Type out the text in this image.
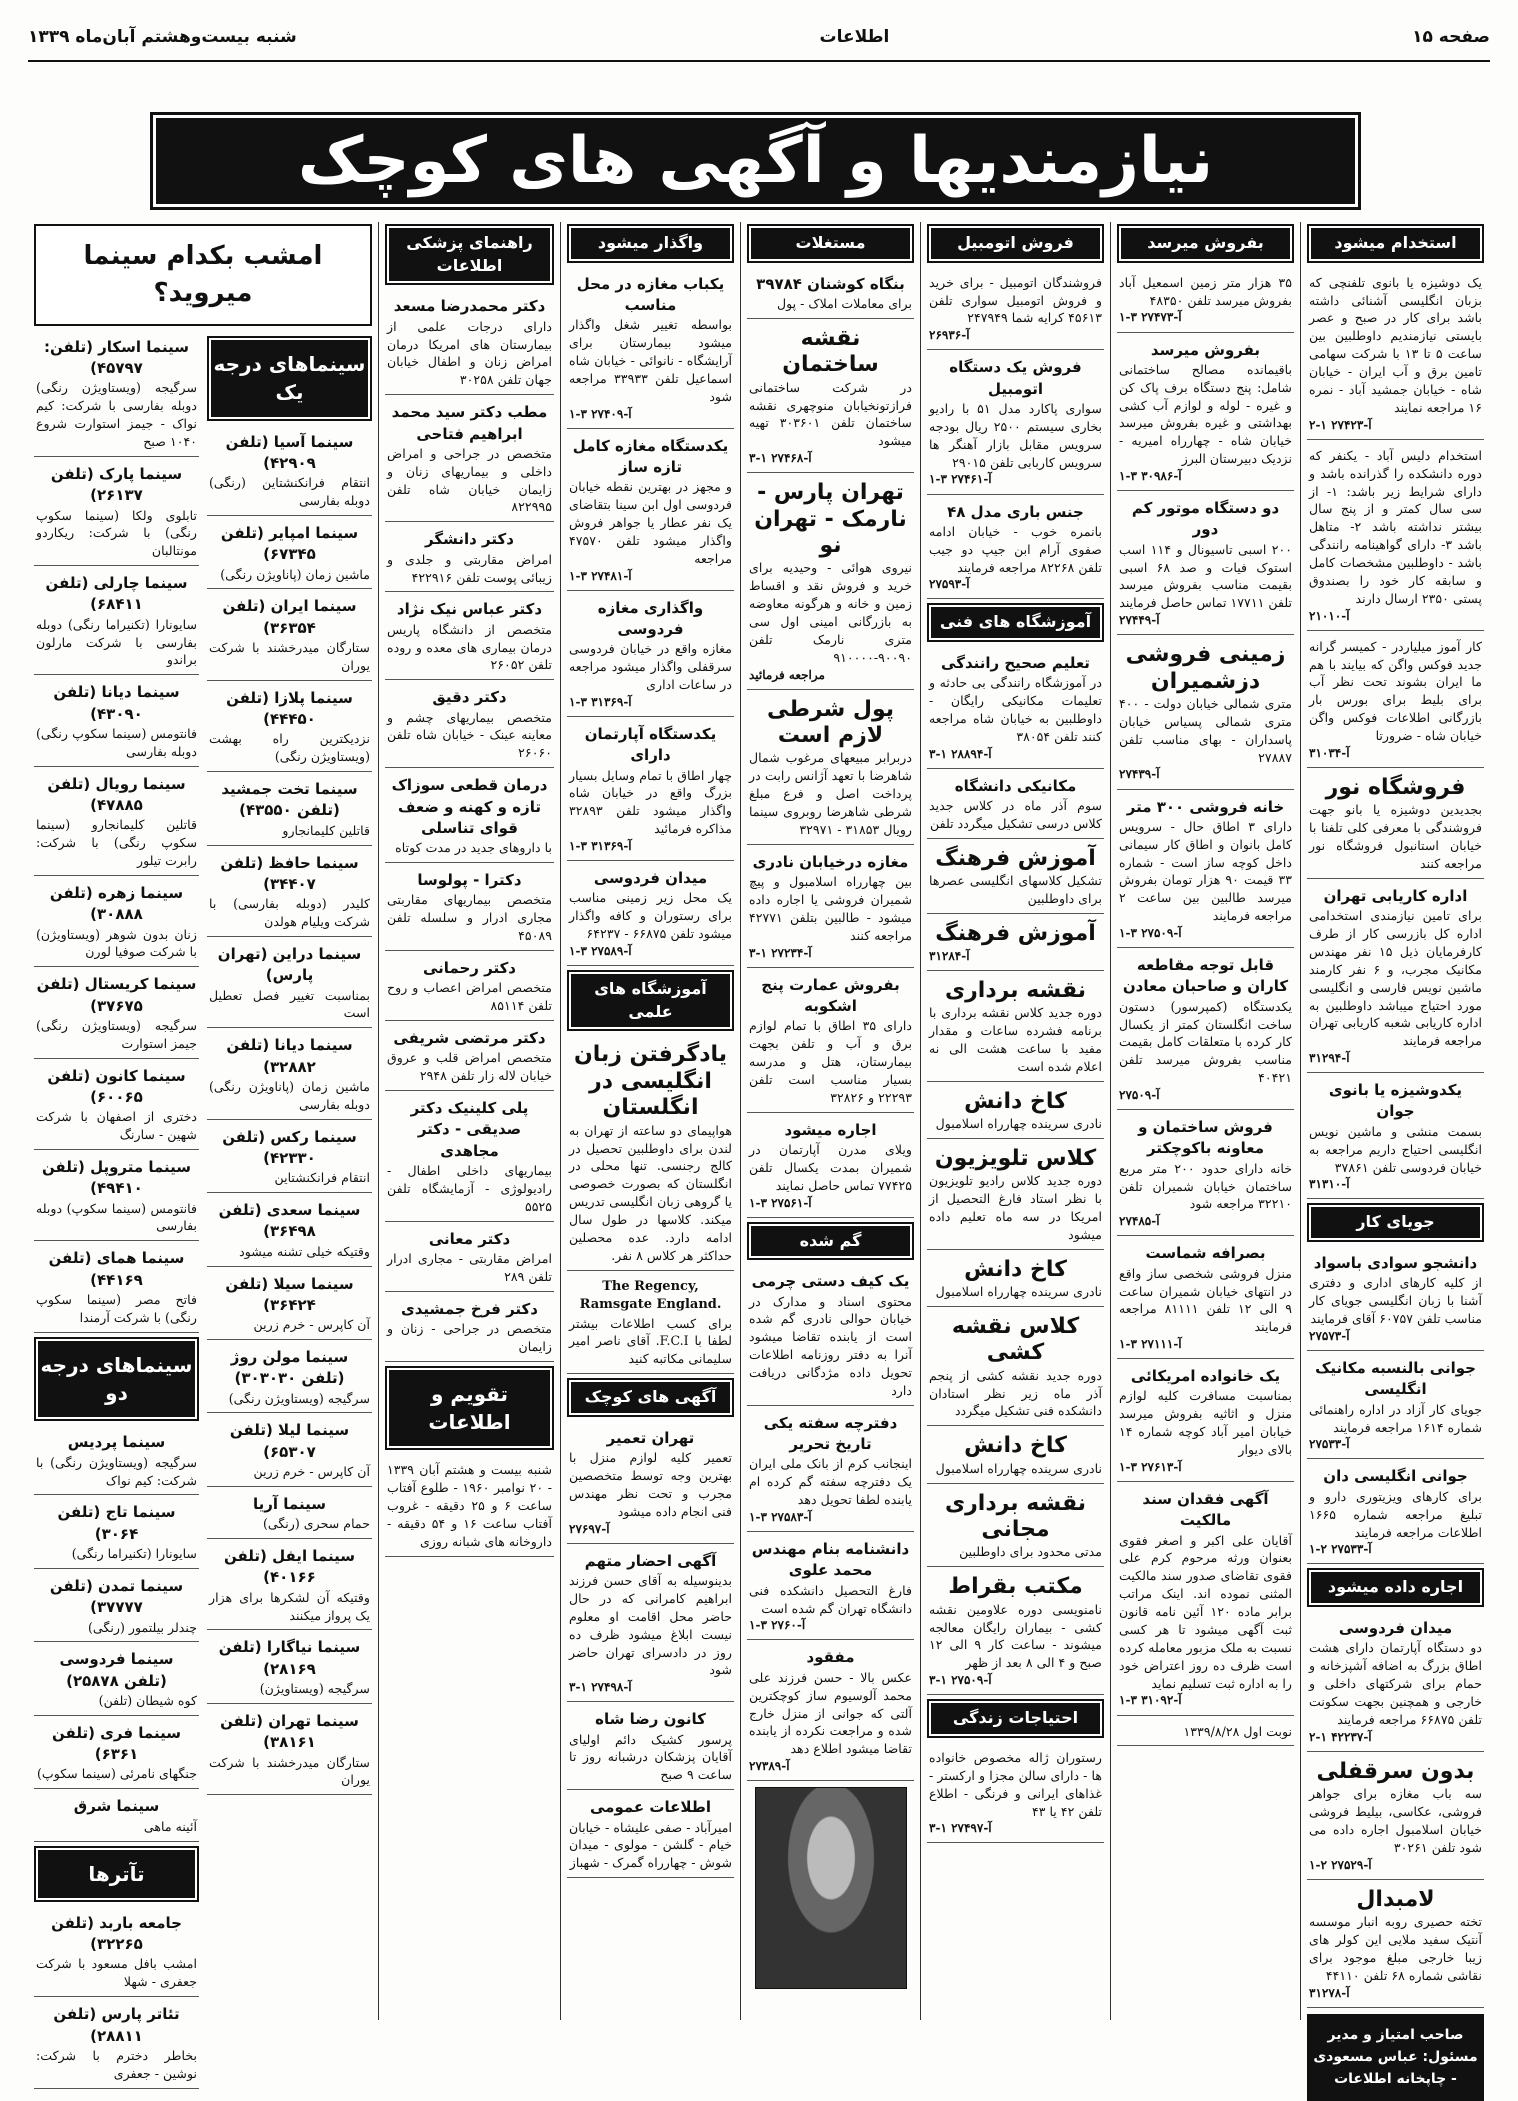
صفحه ۱۵
اطلاعات
شنبه بیست‌وهشتم آبان‌ماه ۱۳۳۹
نیازمندیها و آگهی های کوچک
استخدام میشود
یک دوشیزه یا بانوی تلفنچی که بزبان انگلیسی آشنائی داشته باشد برای کار در صبح و عصر بایستی نیازمندیم داوطلبین بین ساعت ۵ تا ۱۳ با شرکت سهامی تامین برق و آب ایران - خیابان شاه - خیابان جمشید آباد - نمره ۱۶ مراجعه نمایند
۲-۱ آ-۲۷۴۲۳
استخدام دلیس آباد - یکنفر که دوره دانشکده را گذرانده باشد و دارای شرایط زیر باشد: ۱- از سی سال کمتر و از پنج سال بیشتر نداشته باشد ۲- متاهل باشد ۳- دارای گواهینامه رانندگی باشد - داوطلبین مشخصات کامل و سابقه کار خود را بصندوق پستی ۲۳۵۰ ارسال دارند
آ-۲۱۰۱۰
کار آموز میلیاردر - کمیسر گرانه جدید فوکس واگن که بیایند با هم ما ایران بشوند تحت نظر آب برای بلیط برای بورس بار بازرگانی اطلاعات فوکس واگن خیابان شاه - ضرورتا
آ-۳۱۰۳۴
فروشگاه نور
بجدیدین دوشیزه یا بانو جهت فروشندگی با معرفی کلی تلفنا با خیابان استانبول فروشگاه نور مراجعه کنند
اداره کاریابی تهران
برای تامین نیازمندی استخدامی اداره کل بازرسی کار از طرف کارفرمایان ذیل ۱۵ نفر مهندس مکانیک مجرب، و ۶ نفر کارمند ماشین نویس فارسی و انگلیسی مورد احتیاج میباشد داوطلبین به اداره کاریابی شعبه کاریابی تهران مراجعه فرمایند
آ-۳۱۲۹۴
یکدوشیزه یا بانوی جوان
بسمت منشی و ماشین نویس انگلیسی احتیاج داریم مراجعه به خیابان فردوسی تلفن ۳۷۸۶۱
آ-۳۱۳۱۰
جویای کار
دانشجو سوادی باسواد
از کلیه کارهای اداری و دفتری آشنا با زبان انگلیسی جویای کار مناسب تلفن ۶۰۷۵۷ آقای فرمایند
آ-۲۷۵۷۳
جوانی بالنسبه مکانیک انگلیسی
جویای کار آزاد در اداره راهنمائی شماره ۱۶۱۴ مراجعه فرمایند
آ-۲۷۵۳۳
جوانی انگلیسی دان
برای کارهای ویزیتوری دارو و تبلیغ مراجعه شماره ۱۶۶۵ اطلاعات مراجعه فرمایند
آ-۲۷۵۳۳ ۲-۱
اجاره داده میشود
میدان فردوسی
دو دستگاه آپارتمان دارای هشت اطاق بزرگ به اضافه آشپزخانه و حمام برای شرکتهای داخلی و خارجی و همچنین بجهت سکونت تلفن ۶۶۸۷۵ مراجعه فرمایند
آ-۴۲۲۳۷ ۱-۲
بدون سرقفلی
سه باب مغازه برای جواهر فروشی، عکاسی، بیلیط فروشی خیابان اسلامبول اجاره داده می شود تلفن ۳۰۲۶۱
آ-۲۷۵۲۹ ۲-۱
لامبدال
تخته حصیری روبه انبار موسسه آنتیک سفید ملایی این کولر های زیبا خارجی مبلغ موجود برای نقاشی شماره ۶۸ تلفن ۴۴۱۱۰
آ-۳۱۲۷۸
صاحب امتیاز و مدیر مسئول: عباس مسعودی - چاپخانه اطلاعات
بفروش میرسد
۳۵ هزار متر زمین اسمعیل آباد بفروش میرسد تلفن ۴۸۳۵۰
آ-۲۷۴۷۳ ۳-۱
بفروش میرسد
باقیمانده مصالح ساختمانی شامل: پنج دستگاه برف پاک کن و غیره - لوله و لوازم آب کشی بهداشتی و غیره بفروش میرسد خیابان شاه - چهارراه امیریه - نزدیک دبیرستان البرز
آ-۳۰۹۸۶ ۳-۱
دو دستگاه موتور کم دور
۲۰۰ اسبی تاسیونال و ۱۱۴ اسب استوک فیات و صد ۶۸ اسبی بقیمت مناسب بفروش میرسد تلفن ۱۷۷۱۱ تماس حاصل فرمایند
آ-۲۷۴۴۹
زمینی فروشی دزشمیران
متری شمالی خیابان دولت - ۴۰۰ متری شمالی پسیاس خیابان پاسداران - بهای مناسب تلفن ۲۷۸۸۷
آ-۲۷۴۳۹
خانه فروشی ۳۰۰ متر
دارای ۳ اطاق حال - سرویس کامل بانوان و اطاق کار سیمانی داخل کوچه ساز است - شماره ۳۳ قیمت ۹۰ هزار تومان بفروش میرسد طالبین بین ساعت ۲ مراجعه فرمایند
آ-۲۷۵۰۹ ۳-۱
قابل توجه مقاطعه کاران و صاحبان معادن
یکدستگاه (کمپرسور) دستون ساخت انگلستان کمتر از یکسال کار کرده با متعلقات کامل بقیمت مناسب بفروش میرسد تلفن ۴۰۴۲۱
آ-۲۷۵۰۹
فروش ساختمان و معاونه باکوچکتر
خانه دارای حدود ۲۰۰ متر مربع ساختمان خیابان شمیران تلفن ۳۲۲۱۰ مراجعه شود
آ-۲۷۴۸۵
بصرافه شماست
منزل فروشی شخصی ساز واقع در انتهای خیابان شمیران ساعت ۹ الی ۱۲ تلفن ۸۱۱۱۱ مراجعه فرمایند
آ-۲۷۱۱۱ ۳-۱
یک خانواده امریکائی
بمناسبت مسافرت کلیه لوازم منزل و اثاثیه بفروش میرسد خیابان امیر آباد کوچه شماره ۱۴ بالای دیوار
آ-۲۷۶۱۳ ۳-۱
آگهی فقدان سند مالکیت
آقایان علی اکبر و اصغر فقوی بعنوان ورثه مرحوم کرم علی فقوی تقاضای صدور سند مالکیت المثنی نموده اند. اینک مراتب برابر ماده ۱۲۰ آئین نامه قانون ثبت آگهی میشود تا هر کسی نسبت به ملک مزبور معامله کرده است ظرف ده روز اعتراض خود را به اداره ثبت تسلیم نماید
آ-۳۱۰۹۲ ۳-۱
نوبت اول ۱۳۳۹/۸/۲۸
فروش اتومبیل
فروشندگان اتومبیل - برای خرید و فروش اتومبیل سواری تلفن ۴۵۶۱۳ کرایه شما ۲۴۷۹۴۹
آ-۲۶۹۳۶
فروش یک دستگاه اتومبیل
سواری پاکارد مدل ۵۱ با رادیو بخاری سیستم ۲۵۰۰ ریال بودجه سرویس مقابل بازار آهنگر ها سرویس کاربابی تلفن ۲۹۰۱۵
آ-۲۷۴۶۱ ۳-۱
جنس باری مدل ۴۸
بانمره خوب - خیابان ادامه صفوی آرام ابن جیپ دو جیب تلفن ۸۲۲۶۸ مراجعه فرمایند
آ-۲۷۵۹۳
آموزشگاه های فنی
تعلیم صحیح رانندگی
در آموزشگاه رانندگی بی حادثه و تعلیمات مکانیکی رایگان - داوطلبین به خیابان شاه مراجعه کنند تلفن ۳۸۰۵۴
آ-۲۸۸۹۴ ۱-۳
مکانیکی دانشگاه
سوم آذر ماه در کلاس جدید کلاس درسی تشکیل میگردد تلفن
آموزش فرهنگ
تشکیل کلاسهای انگلیسی عصرها برای داوطلبین
آموزش فرهنگ
آ-۳۱۲۸۴
نقشه برداری
دوره جدید کلاس نقشه برداری با برنامه فشرده ساعات و مقدار مفید با ساعت هشت الی نه اعلام شده است
کاخ دانش
نادری سرینده چهارراه اسلامبول
کلاس تلویزیون
دوره جدید کلاس رادیو تلویزیون با نظر استاد فارغ التحصیل از امریکا در سه ماه تعلیم داده میشود
کاخ دانش
نادری سرینده چهارراه اسلامبول
کلاس نقشه کشی
دوره جدید نقشه کشی از پنجم آذر ماه زیر نظر استادان دانشکده فنی تشکیل میگردد
کاخ دانش
نادری سرینده چهارراه اسلامبول
نقشه برداری مجانی
مدتی محدود برای داوطلبین
مکتب بقراط
نامنویسی دوره علاومین نقشه کشی - بیماران رایگان معالجه میشوند - ساعت کار ۹ الی ۱۲ صبح و ۴ الی ۸ بعد از ظهر
آ-۲۷۵۰۹ ۱-۳
احتیاجات زندگی
رستوران ژاله مخصوص خانواده ها - دارای سالن مجزا و ارکستر - غذاهای ایرانی و فرنگی - اطلاع تلفن ۴۲ یا ۴۳
آ-۲۷۴۹۷ ۱-۳
مستغلات
بنگاه کوشنان ۳۹۷۸۴
برای معاملات املاک - پول
نقشه ساختمان
در شرکت ساختمانی فرازتونخیابان منوچهری نقشه ساختمان تلفن ۳۰۳۶۰۱ تهیه میشود
آ-۲۷۴۶۸ ۱-۳
تهران پارس - نارمک - تهران نو
نیروی هوائی - وحیدیه برای خرید و فروش نقد و اقساط زمین و خانه و هرگونه معاوضه به بازرگانی امینی اول سی متری نارمک تلفن ۹۰۰۹۰-۹۱۰۰۰۰
مراجعه فرمائید
پول شرطی لازم است
دربرابر مبیعهای مرغوب شمال شاهرضا با تعهد آژانس رابت در پرداخت اصل و فرع مبلغ شرطی شاهرضا روبروی سینما رویال ۳۱۸۵۳ - ۳۲۹۷۱
مغازه درخیابان نادری
بین چهارراه اسلامبول و پیچ شمیران فروشی یا اجاره داده میشود - طالبین بتلفن ۴۲۷۷۱ مراجعه کنند
آ-۲۷۲۳۴ ۱-۳
بفروش عمارت پنج اشکوبه
دارای ۳۵ اطاق با تمام لوازم برق و آب و تلفن بجهت بیمارستان، هتل و مدرسه بسیار مناسب است تلفن ۲۲۲۹۳ و ۳۲۸۲۶
اجاره میشود
ویلای مدرن آپارتمان در شمیران بمدت یکسال تلفن ۷۷۴۲۵ تماس حاصل نمایند
آ-۲۷۵۶۱ ۳-۱
گم شده
یک کیف دستی چرمی
محتوی اسناد و مدارک در خیابان حوالی نادری گم شده است از یابنده تقاضا میشود آنرا به دفتر روزنامه اطلاعات تحویل داده مژدگانی دریافت دارد
دفترچه سفته یکی تاریخ تحریر
اینجانب کرم از بانک ملی ایران یک دفترچه سفته گم کرده ام یابنده لطفا تحویل دهد
آ-۲۷۵۸۳ ۳-۱
دانشنامه بنام مهندس محمد علوی
فارغ التحصیل دانشکده فنی دانشگاه تهران گم شده است
آ-۲۷۶۰ ۳-۱
مفقود
عکس بالا - حسن فرزند علی محمد آلوسیوم ساز کوچکترین آلتی که جوانی از منزل خارج شده و مراجعت نکرده از یابنده تقاضا میشود اطلاع دهد
آ-۲۷۳۸۹
واگذار میشود
یکباب مغازه در محل مناسب
بواسطه تغییر شغل واگذار میشود بیمارستان برای آرایشگاه - نانوائی - خیابان شاه اسماعیل تلفن ۳۳۹۳۳ مراجعه شود
آ-۲۷۴۰۹ ۳-۱
یکدستگاه مغازه کامل تازه ساز
و مجهز در بهترین نقطه خیابان فردوسی اول ابن سینا بتقاضای یک نفر عطار یا جواهر فروش واگذار میشود تلفن ۴۷۵۷۰ مراجعه
آ-۲۷۴۸۱ ۳-۱
واگذاری مغازه فردوسی
مغازه واقع در خیابان فردوسی سرقفلی واگذار میشود مراجعه در ساعات اداری
آ-۳۱۳۶۹ ۳-۱
یکدستگاه آپارتمان دارای
چهار اطاق با تمام وسایل بسیار بزرگ واقع در خیابان شاه واگذار میشود تلفن ۳۲۸۹۳ مذاکره فرمائید
آ-۳۱۳۶۹ ۳-۱
میدان فردوسی
یک محل زیر زمینی مناسب برای رستوران و کافه واگذار میشود تلفن ۶۶۸۷۵ - ۶۴۲۳۷
آ-۲۷۵۸۹ ۳-۱
آموزشگاه های علمی
یادگرفتن زبان انگلیسی در انگلستان
هواپیمای دو ساعته از تهران به لندن برای داوطلبین تحصیل در کالج رجنسی. تنها محلی در انگلستان که بصورت خصوصی یا گروهی زبان انگلیسی تدریس میکند. کلاسها در طول سال ادامه دارد. عده محصلین حداکثر هر کلاس ۸ نفر.
The Regency, Ramsgate England.
برای کسب اطلاعات بیشتر لطفا با F.C.I. آقای ناصر امیر سلیمانی مکاتبه کنید
آگهی های کوچک
تهران تعمیر
تعمیر کلیه لوازم منزل با بهترین وجه توسط متخصصین مجرب و تحت نظر مهندس فنی انجام داده میشود
آ-۲۷۶۹۷
آگهی احضار متهم
بدینوسیله به آقای حسن فرزند ابراهیم کامرانی که در حال حاضر محل اقامت او معلوم نیست ابلاغ میشود ظرف ده روز در دادسرای تهران حاضر شود
آ-۲۷۴۹۸ ۱-۳
کانون رضا شاه
پرسور کشیک دائم اولیای آقایان پزشکان درشبانه روز تا ساعت ۹ صبح
اطلاعات عمومی
امیرآباد - صفی علیشاه - خیابان خیام - گلشن - مولوی - میدان شوش - چهارراه گمرک - شهباز
راهنمای پزشکی اطلاعات
دکتر محمدرضا مسعد
دارای درجات علمی از بیمارستان های امریکا درمان امراض زنان و اطفال خیابان جهان تلفن ۳۰۲۵۸
مطب دکتر سید محمد ابراهیم فتاحی
متخصص در جراحی و امراض داخلی و بیماریهای زنان و زایمان خیابان شاه تلفن ۸۲۲۹۹۵
دکتر دانشگر
امراض مقاربتی و جلدی و زیبائی پوست تلفن ۴۲۲۹۱۶
دکتر عباس نیک نژاد
متخصص از دانشگاه پاریس درمان بیماری های معده و روده تلفن ۲۶۰۵۲
دکتر دقیق
متخصص بیماریهای چشم و معاینه عینک - خیابان شاه تلفن ۲۶۰۶۰
درمان قطعی سوزاک تازه و کهنه و ضعف قوای تناسلی
با داروهای جدید در مدت کوتاه
دکترا - پولوسا
متخصص بیماریهای مقاربتی مجاری ادرار و سلسله تلفن ۴۵۰۸۹
دکتر رحمانی
متخصص امراض اعصاب و روح تلفن ۸۵۱۱۴
دکتر مرتضی شریفی
متخصص امراض قلب و عروق خیابان لاله زار تلفن ۲۹۴۸
پلی کلینیک دکتر صدیقی - دکتر مجاهدی
بیماریهای داخلی اطفال - رادیولوژی - آزمایشگاه تلفن ۵۵۲۵
دکتر معانی
امراض مقاربتی - مجاری ادرار تلفن ۲۸۹
دکتر فرخ جمشیدی
متخصص در جراحی - زنان و زایمان
تقویم و اطلاعات
شنبه بیست و هشتم آبان ۱۳۳۹ - ۲۰ نوامبر ۱۹۶۰ - طلوع آفتاب ساعت ۶ و ۲۵ دقیقه - غروب آفتاب ساعت ۱۶ و ۵۴ دقیقه - داروخانه های شبانه روزی
امشب بکدام سینما میروید؟
سینماهای درجه یک
سینما آسیا (تلفن ۴۲۹۰۹)
انتقام فرانکنشتاین (رنگی) دوبله بفارسی
سینما امپایر (تلفن ۶۷۳۴۵)
ماشین زمان (پاناویژن رنگی)
سینما ایران (تلفن ۳۶۳۵۴)
ستارگان میدرخشند با شرکت یوران
سینما پلازا (تلفن ۴۴۴۵۰)
نزدیکترین راه بهشت (ویستاویژن رنگی)
سینما تخت جمشید (تلفن ۴۳۵۵۰)
قاتلین کلیمانجارو
سینما حافظ (تلفن ۳۴۴۰۷)
کلیدر (دوبله بفارسی) با شرکت ویلیام هولدن
سینما دراین (تهران پارس)
بمناسبت تغییر فصل تعطیل است
سینما دیانا (تلفن ۳۲۸۸۲)
ماشین زمان (پاناویژن رنگی) دوبله بفارسی
سینما رکس (تلفن ۴۲۳۳۰)
انتقام فرانکنشتاین
سینما سعدی (تلفن ۳۶۴۹۸)
وقتیکه خیلی تشنه میشود
سینما سیلا (تلفن ۳۶۴۲۴)
آن کاپرس - خرم زرین
سینما مولن روژ (تلفن ۳۰۳۰۳۰)
سرگیجه (ویستاویژن رنگی)
سینما لیلا (تلفن ۶۵۳۰۷)
آن کاپرس - خرم زرین
سینما آریا
حمام سحری (رنگی)
سینما ایفل (تلفن ۴۰۱۶۶)
وقتیکه آن لشکرها برای هزار یک پرواز میکنند
سینما نیاگارا (تلفن ۲۸۱۶۹)
سرگیجه (ویستاویژن)
سینما تهران (تلفن ۳۸۱۶۱)
ستارگان میدرخشند با شرکت یوران
سینما اسکار (تلفن: ۴۵۷۹۷)
سرگیجه (ویستاویژن رنگی) دوبله بفارسی با شرکت: کیم نواک - جیمز استوارت شروع ۱۰۴۰ صبح
سینما پارک (تلفن ۲۶۱۳۷)
تابلوی ولکا (سینما سکوپ رنگی) با شرکت: ریکاردو مونتالبان
سینما چارلی (تلفن ۶۸۴۱۱)
سایونارا (تکنیراما رنگی) دوبله بفارسی با شرکت مارلون براندو
سینما دیانا (تلفن ۴۳۰۹۰)
فانتومس (سینما سکوپ رنگی) دوبله بفارسی
سینما رویال (تلفن ۴۷۸۸۵)
قاتلین کلیمانجارو (سینما سکوپ رنگی) با شرکت: رابرت تیلور
سینما زهره (تلفن ۳۰۸۸۸)
زنان بدون شوهر (ویستاویژن) با شرکت صوفیا لورن
سینما کریستال (تلفن ۳۷۶۷۵)
سرگیجه (ویستاویژن رنگی) جیمز استوارت
سینما کانون (تلفن ۶۰۰۶۵)
دختری از اصفهان با شرکت شهین - سارنگ
سینما متروپل (تلفن ۴۹۴۱۰)
فانتومس (سینما سکوپ) دوبله بفارسی
سینما همای (تلفن ۴۴۱۶۹)
فاتح مصر (سینما سکوپ رنگی) با شرکت آرمندا
سینماهای درجه دو
سینما پردیس
سرگیجه (ویستاویژن رنگی) با شرکت: کیم نواک
سینما تاج (تلفن ۳۰۶۴)
سایونارا (تکنیراما رنگی)
سینما تمدن (تلفن ۳۷۷۷۷)
چندلر بیلتمور (رنگی)
سینما فردوسی (تلفن ۲۵۸۷۸)
کوه شیطان (تلفن)
سینما فری (تلفن ۶۳۶۱)
جنگهای نامرئی (سینما سکوپ)
سینما شرق
آئینه ماهی
تآترها
جامعه باربد (تلفن ۳۲۲۶۵)
امشب بافل مسعود با شرکت جعفری - شهلا
تئاتر پارس (تلفن ۲۸۸۱۱)
بخاطر دخترم با شرکت: نوشین - جعفری
